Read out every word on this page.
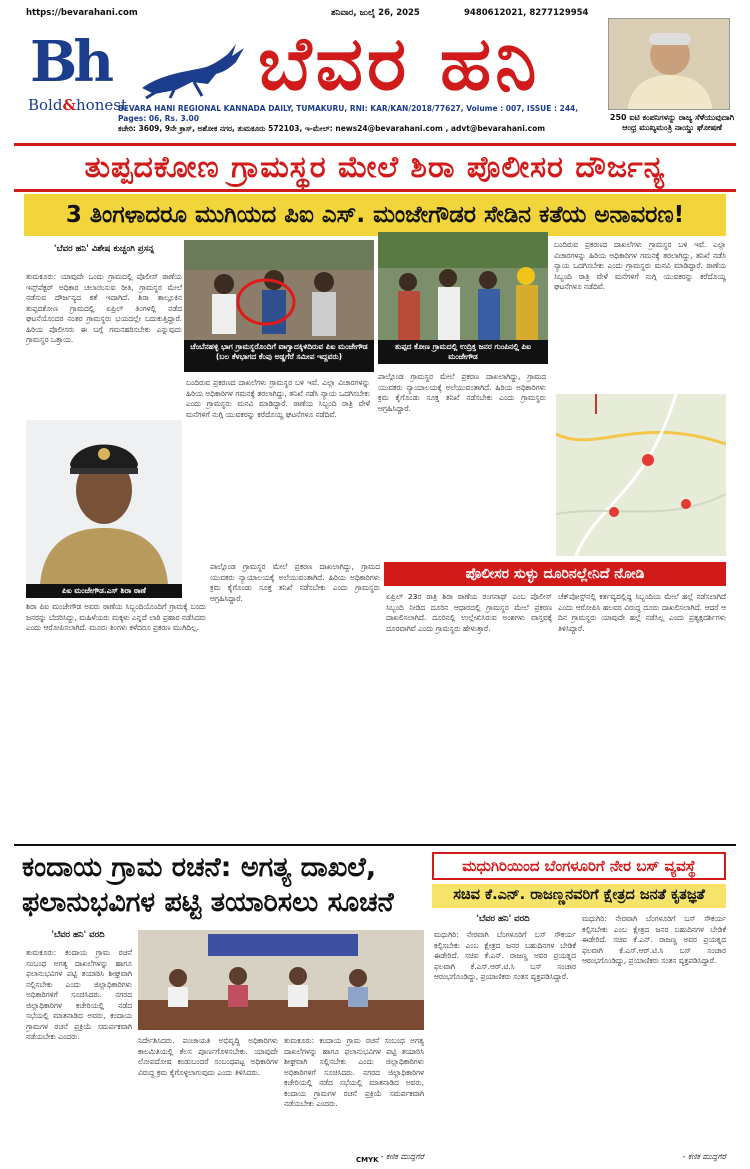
https://bevarahani.com	ಶನಿವಾರ, ಜುಲೈ 26, 2025	9480612021, 8277129954
Bh
Bold&honest ಬೆವರ ಹನಿ
250 ಐಟಿ ಕಂಪನಿಗಳನ್ನು ರಾಜ್ಯ ಸೆಳೆಯುವುದಾಗಿ ಆಂಧ್ರ ಮುಖ್ಯಮಂತ್ರಿ ನಾಯ್ಡು ಘೋಷಣೆ
BEVARA HANI REGIONAL KANNADA DAILY, TUMAKURU, RNI: KAR/KAN/2018/77627, Volume : 007, ISSUE : 244, Pages: 06, Rs. 3.00
ಕಚೇರಿ: 3609, 9ನೇ ಕ್ರಾಸ್, ಅಶೋಕ ನಗರ, ತುಮಕೂರು 572103, ಇ-ಮೇಲ್: news24@bevarahani.com , advt@bevarahani.com
ತುಪ್ಪದಕೋಣ ಗ್ರಾಮಸ್ಥರ ಮೇಲೆ ಶಿರಾ ಪೊಲೀಸರ ದೌರ್ಜನ್ಯ
3 ತಿಂಗಳಾದರೂ ಮುಗಿಯದ ಪಿಐ ಎಸ್. ಮಂಜೇಗೌಡರ ಸೇಡಿನ ಕತೆಯ ಅನಾವರಣ!
'ಬೆವರ ಹನಿ' ವಿಶೇಷ ಕುಚ್ಚಂಗಿ ಪ್ರಸನ್ನ
ತುಮಕೂರು: ಯಾವುದೇ ಒಂದು ಗ್ರಾಮದಲ್ಲಿ ಪೊಲೀಸ್ ಠಾಣೆಯ ಇನ್ಸ್‌ಪೆಕ್ಟರ್ ಅಧಿಕಾರ ಚಲಾಯಿಸುವ ರೀತಿ, ಗ್ರಾಮಸ್ಥರ ಮೇಲೆ ನಡೆಸುವ ದೌರ್ಜನ್ಯದ ಕತೆ ಇದಾಗಿದೆ. ಶಿರಾ ತಾಲ್ಲೂಕಿನ ತುಪ್ಪದಕೋಣ ಗ್ರಾಮದಲ್ಲಿ ಏಪ್ರಿಲ್ ತಿಂಗಳಲ್ಲಿ ನಡೆದ ಘಟನೆಯೊಂದರ ನಂತರ ಗ್ರಾಮಸ್ಥರು ಭಯದಲ್ಲೇ ಬದುಕುತ್ತಿದ್ದಾರೆ. ಹಿರಿಯ ಪೊಲೀಸರು ಈ ಬಗ್ಗೆ ಗಮನಹರಿಸಬೇಕು ಎನ್ನುವುದು ಗ್ರಾಮಸ್ಥರ ಒತ್ತಾಯ.
ಚೆಂಬೆನಹಳ್ಳಿ ಭಾಗ ಗ್ರಾಮಸ್ಥರೊಂದಿಗೆ ವಾಗ್ವಾದಕ್ಕಿಳಿದಿರುವ ಪಿಐ ಮಂಜೇಗೌಡ (ಬಲ ಕೆಳಭಾಗದ ಕೆಂಪು ಅಡ್ಡಗೆರೆ ಸಮೀಪ ಇದ್ದವರು)
ತುಪ್ಪದ ಕೋಣ ಗ್ರಾಮದಲ್ಲಿ ಉದ್ರಿಕ್ತ ಜನರ ಗುಂಪಿನಲ್ಲಿ ಪಿಐ ಮಂಜೇಗೌಡ
ಬಂದಿರುವ ಪ್ರಕರಣದ ದಾಖಲೆಗಳು ಗ್ರಾಮಸ್ಥರ ಬಳಿ ಇವೆ. ಎಲ್ಲಾ ವಿಚಾರಗಳನ್ನು ಹಿರಿಯ ಅಧಿಕಾರಿಗಳ ಗಮನಕ್ಕೆ ತರಲಾಗಿದ್ದು, ತನಿಖೆ ನಡೆಸಿ ನ್ಯಾಯ ಒದಗಿಸಬೇಕು ಎಂದು ಗ್ರಾಮಸ್ಥರು ಮನವಿ ಮಾಡಿದ್ದಾರೆ. ಠಾಣೆಯ ಸಿಬ್ಬಂದಿ ರಾತ್ರಿ ವೇಳೆ ಮನೆಗಳಿಗೆ ನುಗ್ಗಿ ಯುವಕರನ್ನು ಕರೆದೊಯ್ದ ಘಟನೆಗಳೂ ನಡೆದಿವೆ.
ಪಾಲ್ಗೊಂಡ ಗ್ರಾಮಸ್ಥರ ಮೇಲೆ ಪ್ರಕರಣ ದಾಖಲಾಗಿದ್ದು, ಗ್ರಾಮದ ಯುವಕರು ನ್ಯಾಯಾಲಯಕ್ಕೆ ಅಲೆಯುವಂತಾಗಿದೆ. ಹಿರಿಯ ಅಧಿಕಾರಿಗಳು ಕ್ರಮ ಕೈಗೊಂಡು ಸೂಕ್ತ ತನಿಖೆ ನಡೆಸಬೇಕು ಎಂದು ಗ್ರಾಮಸ್ಥರು ಆಗ್ರಹಿಸಿದ್ದಾರೆ.
ಬಂದಿರುವ ಪ್ರಕರಣದ ದಾಖಲೆಗಳು ಗ್ರಾಮಸ್ಥರ ಬಳಿ ಇವೆ. ಎಲ್ಲಾ ವಿಚಾರಗಳನ್ನು ಹಿರಿಯ ಅಧಿಕಾರಿಗಳ ಗಮನಕ್ಕೆ ತರಲಾಗಿದ್ದು, ತನಿಖೆ ನಡೆಸಿ ನ್ಯಾಯ ಒದಗಿಸಬೇಕು ಎಂದು ಗ್ರಾಮಸ್ಥರು ಮನವಿ ಮಾಡಿದ್ದಾರೆ. ಠಾಣೆಯ ಸಿಬ್ಬಂದಿ ರಾತ್ರಿ ವೇಳೆ ಮನೆಗಳಿಗೆ ನುಗ್ಗಿ ಯುವಕರನ್ನು ಕರೆದೊಯ್ದ ಘಟನೆಗಳೂ ನಡೆದಿವೆ.
ಪಿಐ ಮಂಜೇಗೌಡ.ಎಸ್ ಶಿರಾ ಠಾಣೆ
ಶಿರಾ ಪಿಐ ಮಂಜೇಗೌಡ ಅವರು ಠಾಣೆಯ ಸಿಬ್ಬಂದಿಯೊಂದಿಗೆ ಗ್ರಾಮಕ್ಕೆ ಬಂದು ಜನರನ್ನು ಬೆದರಿಸಿದ್ದು, ಮಹಿಳೆಯರು ಮಕ್ಕಳು ಎನ್ನದೆ ಲಾಠಿ ಪ್ರಹಾರ ನಡೆಸಿದರು ಎಂದು ಆರೋಪಿಸಲಾಗಿದೆ. ಮೂರು ತಿಂಗಳು ಕಳೆದರೂ ಪ್ರಕರಣ ಮುಗಿದಿಲ್ಲ.
ಪಾಲ್ಗೊಂಡ ಗ್ರಾಮಸ್ಥರ ಮೇಲೆ ಪ್ರಕರಣ ದಾಖಲಾಗಿದ್ದು, ಗ್ರಾಮದ ಯುವಕರು ನ್ಯಾಯಾಲಯಕ್ಕೆ ಅಲೆಯುವಂತಾಗಿದೆ. ಹಿರಿಯ ಅಧಿಕಾರಿಗಳು ಕ್ರಮ ಕೈಗೊಂಡು ಸೂಕ್ತ ತನಿಖೆ ನಡೆಸಬೇಕು ಎಂದು ಗ್ರಾಮಸ್ಥರು ಆಗ್ರಹಿಸಿದ್ದಾರೆ.
ಪೊಲೀಸರ ಸುಳ್ಳು ದೂರಿನಲ್ಲೇನಿದೆ ನೋಡಿ
ಏಪ್ರಿಲ್ 23ರ ರಾತ್ರಿ ಶಿರಾ ಠಾಣೆಯ ರಂಗನಾಥ್ ಎಂಬ ಪೊಲೀಸ್ ಸಿಬ್ಬಂದಿ ನೀಡಿದ ದೂರಿನ ಆಧಾರದಲ್ಲಿ ಗ್ರಾಮಸ್ಥರ ಮೇಲೆ ಪ್ರಕರಣ ದಾಖಲಿಸಲಾಗಿದೆ. ದೂರಿನಲ್ಲಿ ಉಲ್ಲೇಖಿಸಿರುವ ಅಂಶಗಳು ವಾಸ್ತವಕ್ಕೆ ದೂರವಾಗಿವೆ ಎಂದು ಗ್ರಾಮಸ್ಥರು ಹೇಳುತ್ತಾರೆ.
ಚೆಕ್‌ಪೋಸ್ಟ್‌ನಲ್ಲಿ ಕರ್ತವ್ಯದಲ್ಲಿದ್ದ ಸಿಬ್ಬಂದಿಯ ಮೇಲೆ ಹಲ್ಲೆ ನಡೆಸಲಾಗಿದೆ ಎಂದು ಆರೋಪಿಸಿ ಹಲವರ ವಿರುದ್ಧ ದೂರು ದಾಖಲಿಸಲಾಗಿದೆ. ಆದರೆ ಆ ದಿನ ಗ್ರಾಮಸ್ಥರು ಯಾವುದೇ ಹಲ್ಲೆ ನಡೆಸಿಲ್ಲ ಎಂದು ಪ್ರತ್ಯಕ್ಷದರ್ಶಿಗಳು ತಿಳಿಸಿದ್ದಾರೆ.
ಕಂದಾಯ ಗ್ರಾಮ ರಚನೆ: ಅಗತ್ಯ ದಾಖಲೆ,
ಫಲಾನುಭವಿಗಳ ಪಟ್ಟಿ ತಯಾರಿಸಲು ಸೂಚನೆ
'ಬೆವರ ಹನಿ' ವರದಿ
ತುಮಕೂರು: ಕಂದಾಯ ಗ್ರಾಮ ರಚನೆ ಸಂಬಂಧ ಅಗತ್ಯ ದಾಖಲೆಗಳನ್ನು ಹಾಗೂ ಫಲಾನುಭವಿಗಳ ಪಟ್ಟಿ ತಯಾರಿಸಿ ಶೀಘ್ರವಾಗಿ ಸಲ್ಲಿಸಬೇಕು ಎಂದು ಜಿಲ್ಲಾಧಿಕಾರಿಗಳು ಅಧಿಕಾರಿಗಳಿಗೆ ಸೂಚಿಸಿದರು. ನಗರದ ಜಿಲ್ಲಾಧಿಕಾರಿಗಳ ಕಚೇರಿಯಲ್ಲಿ ನಡೆದ ಸಭೆಯಲ್ಲಿ ಮಾತನಾಡಿದ ಅವರು, ಕಂದಾಯ ಗ್ರಾಮಗಳ ರಚನೆ ಪ್ರಕ್ರಿಯೆ ಸಮರ್ಪಕವಾಗಿ ನಡೆಯಬೇಕು ಎಂದರು.	ನಿರ್ದೇಶಿಸಿದರು. ಪಂಚಾಯತಿ ಅಭಿವೃದ್ಧಿ ಅಧಿಕಾರಿಗಳು ಕಾಲಮಿತಿಯಲ್ಲಿ ಕೆಲಸ ಪೂರ್ಣಗೊಳಿಸಬೇಕು. ಯಾವುದೇ ಲೋಪದೋಷ ಕಂಡುಬಂದರೆ ಸಂಬಂಧಪಟ್ಟ ಅಧಿಕಾರಿಗಳ ವಿರುದ್ಧ ಕ್ರಮ ಕೈಗೊಳ್ಳಲಾಗುವುದು ಎಂದು ತಿಳಿಸಿದರು.
ತುಮಕೂರು: ಕಂದಾಯ ಗ್ರಾಮ ರಚನೆ ಸಂಬಂಧ ಅಗತ್ಯ ದಾಖಲೆಗಳನ್ನು ಹಾಗೂ ಫಲಾನುಭವಿಗಳ ಪಟ್ಟಿ ತಯಾರಿಸಿ ಶೀಘ್ರವಾಗಿ ಸಲ್ಲಿಸಬೇಕು ಎಂದು ಜಿಲ್ಲಾಧಿಕಾರಿಗಳು ಅಧಿಕಾರಿಗಳಿಗೆ ಸೂಚಿಸಿದರು. ನಗರದ ಜಿಲ್ಲಾಧಿಕಾರಿಗಳ ಕಚೇರಿಯಲ್ಲಿ ನಡೆದ ಸಭೆಯಲ್ಲಿ ಮಾತನಾಡಿದ ಅವರು, ಕಂದಾಯ ಗ್ರಾಮಗಳ ರಚನೆ ಪ್ರಕ್ರಿಯೆ ಸಮರ್ಪಕವಾಗಿ ನಡೆಯಬೇಕು ಎಂದರು.
- ಕಣಿಕ ಮುದ್ದಗೆರೆ
ಮಧುಗಿರಿಯಿಂದ ಬೆಂಗಳೂರಿಗೆ ನೇರ ಬಸ್ ವ್ಯವಸ್ಥೆ
ಸಚಿವ ಕೆ.ಎನ್. ರಾಜಣ್ಣನವರಿಗೆ ಕ್ಷೇತ್ರದ ಜನತೆ ಕೃತಜ್ಞತೆ
'ಬೆವರ ಹನಿ' ವರದಿ
ಮಧುಗಿರಿ: ನೇರವಾಗಿ ಬೆಂಗಳೂರಿಗೆ ಬಸ್ ಸೌಕರ್ಯ ಕಲ್ಪಿಸಬೇಕು ಎಂಬ ಕ್ಷೇತ್ರದ ಜನರ ಬಹುದಿನಗಳ ಬೇಡಿಕೆ ಈಡೇರಿದೆ. ಸಚಿವ ಕೆ.ಎನ್. ರಾಜಣ್ಣ ಅವರ ಪ್ರಯತ್ನದ ಫಲವಾಗಿ ಕೆ.ಎಸ್.ಆರ್.ಟಿ.ಸಿ ಬಸ್ ಸಂಚಾರ ಆರಂಭಗೊಂಡಿದ್ದು, ಪ್ರಯಾಣಿಕರು ಸಂತಸ ವ್ಯಕ್ತಪಡಿಸಿದ್ದಾರೆ.
ಮಧುಗಿರಿ: ನೇರವಾಗಿ ಬೆಂಗಳೂರಿಗೆ ಬಸ್ ಸೌಕರ್ಯ ಕಲ್ಪಿಸಬೇಕು ಎಂಬ ಕ್ಷೇತ್ರದ ಜನರ ಬಹುದಿನಗಳ ಬೇಡಿಕೆ ಈಡೇರಿದೆ. ಸಚಿವ ಕೆ.ಎನ್. ರಾಜಣ್ಣ ಅವರ ಪ್ರಯತ್ನದ ಫಲವಾಗಿ ಕೆ.ಎಸ್.ಆರ್.ಟಿ.ಸಿ ಬಸ್ ಸಂಚಾರ ಆರಂಭಗೊಂಡಿದ್ದು, ಪ್ರಯಾಣಿಕರು ಸಂತಸ ವ್ಯಕ್ತಪಡಿಸಿದ್ದಾರೆ.
- ಕಣಿಕ ಮುದ್ದಗೆರೆ
CMYK
